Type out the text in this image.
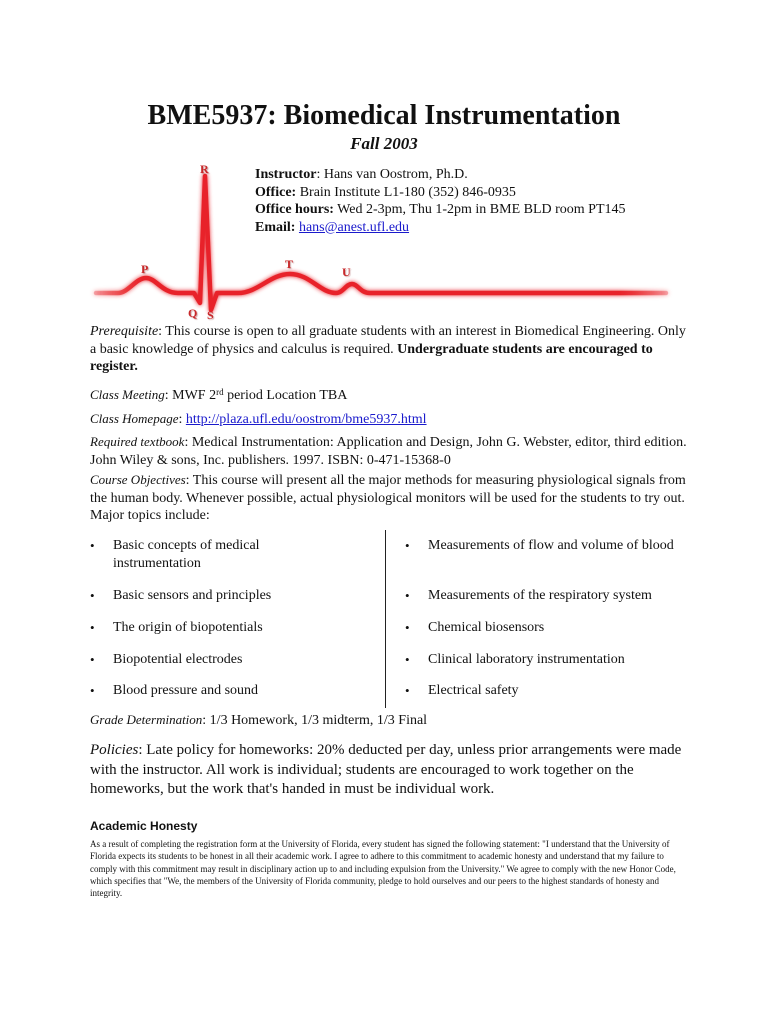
BME5937: Biomedical Instrumentation
Fall 2003
R
P	T
U
Q S
Instructor: Hans van Oostrom, Ph.D.
Office: Brain Institute L1-180 (352) 846-0935
Office hours: Wed 2-3pm, Thu 1-2pm in BME BLD room PT145
Email: hans@anest.ufl.edu
Prerequisite: This course is open to all graduate students with an interest in Biomedical Engineering. Only a basic knowledge of physics and calculus is required. Undergraduate students are encouraged to register.
Class Meeting: MWF 2rd period Location TBA
Class Homepage: http://plaza.ufl.edu/oostrom/bme5937.html
Required textbook: Medical Instrumentation: Application and Design, John G. Webster, editor, third edition. John Wiley & sons, Inc. publishers. 1997. ISBN: 0-471-15368-0
Course Objectives: This course will present all the major methods for measuring physiological signals from the human body. Whenever possible, actual physiological monitors will be used for the students to try out. Major topics include:
• Basic concepts of medical instrumentation
• Basic sensors and principles
• The origin of biopotentials
• Biopotential electrodes
• Blood pressure and sound
• Measurements of flow and volume of blood
• Measurements of the respiratory system
• Chemical biosensors
• Clinical laboratory instrumentation
• Electrical safety
Grade Determination: 1/3 Homework, 1/3 midterm, 1/3 Final
Policies: Late policy for homeworks: 20% deducted per day, unless prior arrangements were made with the instructor. All work is individual; students are encouraged to work together on the homeworks, but the work that's handed in must be individual work.
Academic Honesty
As a result of completing the registration form at the University of Florida, every student has signed the following statement: "I understand that the University of Florida expects its students to be honest in all their academic work. I agree to adhere to this commitment to academic honesty and understand that my failure to comply with this commitment may result in disciplinary action up to and including expulsion from the University." We agree to comply with the new Honor Code, which specifies that "We, the members of the University of Florida community, pledge to hold ourselves and our peers to the highest standards of honesty and integrity.
